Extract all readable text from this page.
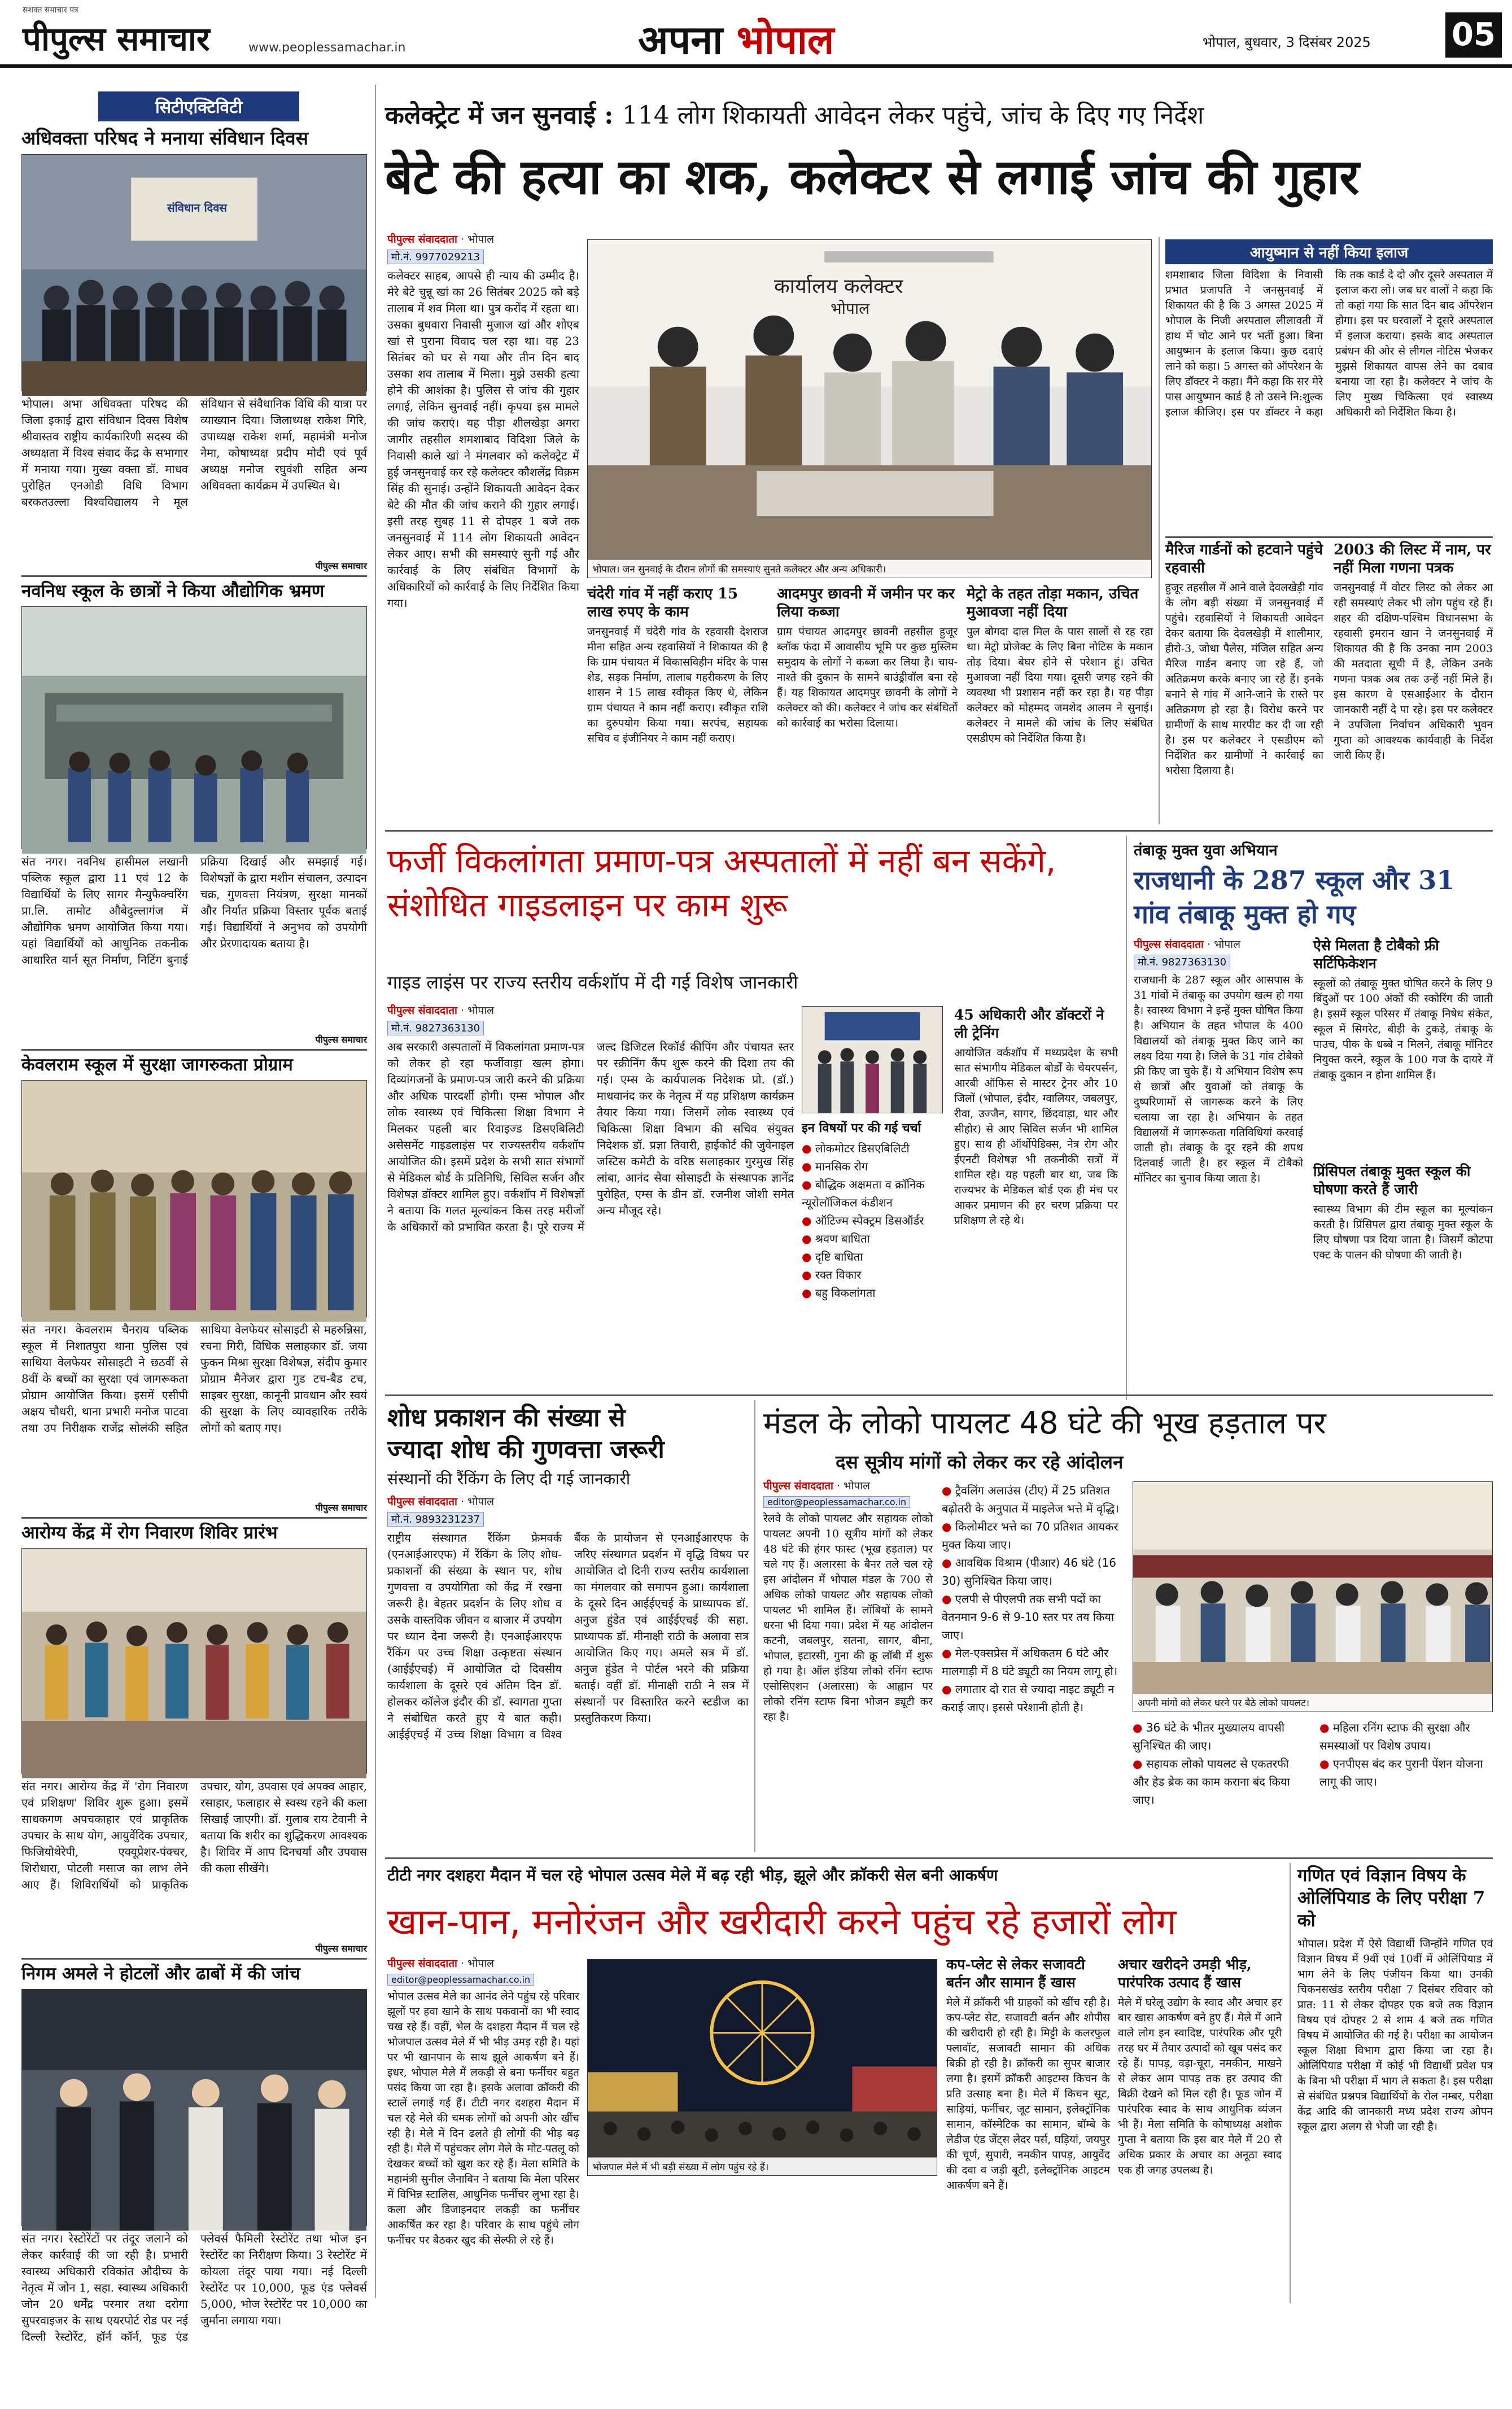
सशक्त समाचार पत्र
पीपुल्स समाचार	www.peoplessamachar.in	अपना भोपाल	भोपाल, बुधवार, 3 दिसंबर 2025	05
सिटीएक्टिविटी
अधिवक्ता परिषद ने मनाया संविधान दिवस
संविधान दिवस
भोपाल। अभा अधिवक्ता परिषद की जिला इकाई द्वारा संविधान दिवस विशेष श्रीवास्तव राष्ट्रीय कार्यकारिणी सदस्य की अध्यक्षता में विश्व संवाद केंद्र के सभागार में मनाया गया। मुख्य वक्ता डॉ. माधव पुरोहित एनओडी विधि विभाग बरकतउल्ला विश्वविद्यालय ने मूल संविधान से संवैधानिक विधि की यात्रा पर व्याख्यान दिया। जिलाध्यक्ष राकेश गिरि, उपाध्यक्ष राकेश शर्मा, महामंत्री मनोज नेमा, कोषाध्यक्ष प्रदीप मोदी एवं पूर्व अध्यक्ष मनोज रघुवंशी सहित अन्य अधिवक्ता कार्यक्रम में उपस्थित थे।
पीपुल्स समाचार
नवनिध स्कूल के छात्रों ने किया औद्योगिक भ्रमण
संत नगर। नवनिध हासीमल लखानी पब्लिक स्कूल द्वारा 11 एवं 12 के विद्यार्थियों के लिए सागर मैन्युफैक्चरिंग प्रा.लि. तामोट औबेदुल्लागंज में औद्योगिक भ्रमण आयोजित किया गया। यहां विद्यार्थियों को आधुनिक तकनीक आधारित यार्न सूत निर्माण, निटिंग बुनाई प्रक्रिया दिखाई और समझाई गई। विशेषज्ञों के द्वारा मशीन संचालन, उत्पादन चक्र, गुणवत्ता नियंत्रण, सुरक्षा मानकों और निर्यात प्रक्रिया विस्तार पूर्वक बताई गई। विद्यार्थियों ने अनुभव को उपयोगी और प्रेरणादायक बताया है।
पीपुल्स समाचार
केवलराम स्कूल में सुरक्षा जागरुकता प्रोग्राम
संत नगर। केवलराम चैनराय पब्लिक स्कूल में निशातपुरा थाना पुलिस एवं साथिया वेलफेयर सोसाइटी ने छठवीं से 8वीं के बच्चों का सुरक्षा एवं जागरूकता प्रोग्राम आयोजित किया। इसमें एसीपी अक्षय चौधरी, थाना प्रभारी मनोज पाटवा तथा उप निरीक्षक राजेंद्र सोलंकी सहित साथिया वेलफेयर सोसाइटी से महरुन्निसा, रचना गिरी, विधिक सलाहकार डॉ. जया फुकन मिश्रा सुरक्षा विशेषज्ञ, संदीप कुमार प्रोग्राम मैनेजर द्वारा गुड टच-बैड टच, साइबर सुरक्षा, कानूनी प्रावधान और स्वयं की सुरक्षा के लिए व्यावहारिक तरीके लोगों को बताए गए।
पीपुल्स समाचार
आरोग्य केंद्र में रोग निवारण शिविर प्रारंभ
संत नगर। आरोग्य केंद्र में 'रोग निवारण एवं प्रशिक्षण' शिविर शुरू हुआ। इसमें साधकगण अपचकाहार एवं प्राकृतिक उपचार के साथ योग, आयुर्वेदिक उपचार, फिजियोथेरेपी, एक्यूप्रेशर-पंक्चर, शिरोधारा, पोटली मसाज का लाभ लेने आए हैं। शिविरार्थियों को प्राकृतिक उपचार, योग, उपवास एवं अपक्व आहार, रसाहार, फलाहार से स्वस्थ रहने की कला सिखाई जाएगी। डॉ. गुलाब राय टेवानी ने बताया कि शरीर का शुद्धिकरण आवश्यक है। शिविर में आप दिनचर्या और उपवास की कला सीखेंगे।
पीपुल्स समाचार
निगम अमले ने होटलों और ढाबों में की जांच
संत नगर। रेस्टोरेंटों पर तंदूर जलाने को लेकर कार्रवाई की जा रही है। प्रभारी स्वास्थ्य अधिकारी रविकांत औदीच्य के नेतृत्व में जोन 1, सहा. स्वास्थ्य अधिकारी जोन 20 धर्मेंद्र परमार तथा दरोगा सुपरवाइजर के साथ एयरपोर्ट रोड पर नई दिल्ली रेस्टोरेंट, हॉर्न कॉर्न, फूड एंड फ्लेवर्स फैमिली रेस्टोरेंट तथा भोज इन रेस्टोरेंट का निरीक्षण किया। 3 रेस्टोरेंट में कोयला तंदूर पाया गया। नई दिल्ली रेस्टोरेंट पर 10,000, फूड एंड फ्लेवर्स 5,000, भोज रेस्टोरेंट पर 10,000 का जुर्माना लगाया गया।
कलेक्ट्रेट में जन सुनवाई : 114 लोग शिकायती आवेदन लेकर पहुंचे, जांच के दिए गए निर्देश
बेटे की हत्या का शक, कलेक्टर से लगाई जांच की गुहार
पीपुल्स संवाददाता · भोपाल
मो.नं. 9977029213
कलेक्टर साहब, आपसे ही न्याय की उम्मीद है। मेरे बेटे चुन्नू खां का 26 सितंबर 2025 को बड़े तालाब में शव मिला था। पुत्र करोंद में रहता था। उसका बुधवारा निवासी मुजाज खां और शोएब खां से पुराना विवाद चल रहा था। वह 23 सितंबर को घर से गया और तीन दिन बाद उसका शव तालाब में मिला। मुझे उसकी हत्या होने की आशंका है। पुलिस से जांच की गुहार लगाई, लेकिन सुनवाई नहीं। कृपया इस मामले की जांच कराएं। यह पीड़ा शीलखेड़ा अगरा जागीर तहसील शमशाबाद विदिशा जिले के निवासी काले खां ने मंगलवार को कलेक्ट्रेट में हुई जनसुनवाई कर रहे कलेक्टर कौशलेंद्र विक्रम सिंह की सुनाई। उन्होंने शिकायती आवेदन देकर बेटे की मौत की जांच कराने की गुहार लगाई। इसी तरह सुबह 11 से दोपहर 1 बजे तक जनसुनवाई में 114 लोग शिकायती आवेदन लेकर आए। सभी की समस्याएं सुनी गई और कार्रवाई के लिए संबंधित विभागों के अधिकारियों को कार्रवाई के लिए निर्देशित किया गया।
कार्यालय कलेक्टर
भोपाल
भोपाल। जन सुनवाई के दौरान लोगों की समस्याएं सुनते कलेक्टर और अन्य अधिकारी।
आयुष्मान से नहीं किया इलाज
शमशाबाद जिला विदिशा के निवासी प्रभात प्रजापति ने जनसुनवाई में शिकायत की है कि 3 अगस्त 2025 में भोपाल के निजी अस्पताल लीलावती में हाथ में चोट आने पर भर्ती हुआ। बिना आयुष्मान के इलाज किया। कुछ दवाएं लाने को कहा। 5 अगस्त को ऑपरेशन के लिए डॉक्टर ने कहा। मैंने कहा कि सर मेरे पास आयुष्मान कार्ड है तो उसने नि:शुल्क इलाज कीजिए। इस पर डॉक्टर ने कहा कि तक कार्ड दे दो और दूसरे अस्पताल में इलाज करा लो। जब घर वालों ने कहा कि तो कहां गया कि सात दिन बाद ऑपरेशन होगा। इस पर घरवालों ने दूसरे अस्पताल में इलाज कराया। इसके बाद अस्पताल प्रबंधन की ओर से लीगल नोटिस भेजकर मुझसे शिकायत वापस लेने का दबाव बनाया जा रहा है। कलेक्टर ने जांच के लिए मुख्य चिकित्सा एवं स्वास्थ्य अधिकारी को निर्देशित किया है।
मैरिज गार्डनों को हटवाने पहुंचे रहवासी
हुजूर तहसील में आने वाले देवलखेड़ी गांव के लोग बड़ी संख्या में जनसुनवाई में पहुंचे। रहवासियों ने शिकायती आवेदन देकर बताया कि देवलखेड़ी में शालीमार, हीरो-3, जोधा पैलेस, मंजिल सहित अन्य मैरिज गार्डन बनाए जा रहे हैं, जो अतिक्रमण करके बनाए जा रहे हैं। इनके बनाने से गांव में आने-जाने के रास्ते पर अतिक्रमण हो रहा है। विरोध करने पर ग्रामीणों के साथ मारपीट कर दी जा रही है। इस पर कलेक्टर ने एसडीएम को निर्देशित कर ग्रामीणों ने कार्रवाई का भरोसा दिलाया है।
2003 की लिस्ट में नाम, पर नहीं मिला गणना पत्रक
जनसुनवाई में वोटर लिस्ट को लेकर आ रही समस्याएं लेकर भी लोग पहुंच रहे हैं। शहर की दक्षिण-पश्चिम विधानसभा के रहवासी इमरान खान ने जनसुनवाई में शिकायत की है कि उनका नाम 2003 की मतदाता सूची में है, लेकिन उनके गणना पत्रक अब तक उन्हें नहीं मिले हैं। इस कारण वे एसआईआर के दौरान जानकारी नहीं दे पा रहे। इस पर कलेक्टर ने उपजिला निर्वाचन अधिकारी भुवन गुप्ता को आवश्यक कार्यवाही के निर्देश जारी किए हैं।
चंदेरी गांव में नहीं कराए 15 लाख रुपए के काम
जनसुनवाई में चंदेरी गांव के रहवासी देशराज मीना सहित अन्य रहवासियों ने शिकायत की है कि ग्राम पंचायत में विकासविहीन मंदिर के पास शेड, सड़क निर्माण, तालाब गहरीकरण के लिए शासन ने 15 लाख स्वीकृत किए थे, लेकिन ग्राम पंचायत ने काम नहीं कराए। स्वीकृत राशि का दुरुपयोग किया गया। सरपंच, सहायक सचिव व इंजीनियर ने काम नहीं कराए।
आदमपुर छावनी में जमीन पर कर लिया कब्जा
ग्राम पंचायत आदमपुर छावनी तहसील हुजूर ब्लॉक फंदा में आवासीय भूमि पर कुछ मुस्लिम समुदाय के लोगों ने कब्जा कर लिया है। चाय-नाश्ते की दुकान के सामने बाउंड्रीवॉल बना रहे हैं। यह शिकायत आदमपुर छावनी के लोगों ने कलेक्टर को की। कलेक्टर ने जांच कर संबंधितों को कार्रवाई का भरोसा दिलाया।
मेट्रो के तहत तोड़ा मकान, उचित मुआवजा नहीं दिया
पुल बोगदा दाल मिल के पास सालों से रह रहा था। मेट्रो प्रोजेक्ट के लिए बिना नोटिस के मकान तोड़ दिया। बेघर होने से परेशान हूं। उचित मुआवजा नहीं दिया गया। दूसरी जगह रहने की व्यवस्था भी प्रशासन नहीं कर रहा है। यह पीड़ा कलेक्टर को मोहम्मद जमशेद आलम ने सुनाई। कलेक्टर ने मामले की जांच के लिए संबंधित एसडीएम को निर्देशित किया है।
फर्जी विकलांगता प्रमाण-पत्र अस्पतालों में नहीं बन सकेंगे, संशोधित गाइडलाइन पर काम शुरू
गाइड लाइंस पर राज्य स्तरीय वर्कशॉप में दी गई विशेष जानकारी
पीपुल्स संवाददाता · भोपाल
मो.नं. 9827363130
अब सरकारी अस्पतालों में विकलांगता प्रमाण-पत्र को लेकर हो रहा फर्जीवाड़ा खत्म होगा। दिव्यांगजनों के प्रमाण-पत्र जारी करने की प्रक्रिया और अधिक पारदर्शी होगी। एम्स भोपाल और लोक स्वास्थ्य एवं चिकित्सा शिक्षा विभाग ने मिलकर पहली बार रिवाइज्ड डिसएबिलिटी असेसमेंट गाइडलाइंस पर राज्यस्तरीय वर्कशॉप आयोजित की। इसमें प्रदेश के सभी सात संभागों से मेडिकल बोर्ड के प्रतिनिधि, सिविल सर्जन और विशेषज्ञ डॉक्टर शामिल हुए। वर्कशॉप में विशेषज्ञों ने बताया कि गलत मूल्यांकन किस तरह मरीजों के अधिकारों को प्रभावित करता है। पूरे राज्य में जल्द डिजिटल रिकॉर्ड कीपिंग और पंचायत स्तर पर स्क्रीनिंग कैंप शुरू करने की दिशा तय की गई। एम्स के कार्यपालक निदेशक प्रो. (डॉ.) माधवानंद कर के नेतृत्व में यह प्रशिक्षण कार्यक्रम तैयार किया गया। जिसमें लोक स्वास्थ्य एवं चिकित्सा शिक्षा विभाग की सचिव संयुक्त निदेशक डॉ. प्रज्ञा तिवारी, हाईकोर्ट की जुवेनाइल जस्टिस कमेटी के वरिष्ठ सलाहकार गुरमुख सिंह लांबा, आनंद सेवा सोसाइटी के संस्थापक ज्ञानेंद्र पुरोहित, एम्स के डीन डॉ. रजनीश जोशी समेत अन्य मौजूद रहे।
इन विषयों पर की गई चर्चा
● लोकमोटर डिसएबिलिटी
● मानसिक रोग
● बौद्धिक अक्षमता व क्रॉनिक न्यूरोलॉजिकल कंडीशन
● ऑटिज्म स्पेक्ट्रम डिसऑर्डर
● श्रवण बाधिता
● दृष्टि बाधिता
● रक्त विकार
● बहु विकलांगता
45 अधिकारी और डॉक्टरों ने ली ट्रेनिंग
आयोजित वर्कशॉप में मध्यप्रदेश के सभी सात संभागीय मेडिकल बोर्डों के चेयरपर्सन, आरबी ऑफिस से मास्टर ट्रेनर और 10 जिलों (भोपाल, इंदौर, ग्वालियर, जबलपुर, रीवा, उज्जैन, सागर, छिंदवाड़ा, धार और सीहोर) से आए सिविल सर्जन भी शामिल हुए। साथ ही ऑर्थोपेडिक्स, नेत्र रोग और ईएनटी विशेषज्ञ भी तकनीकी सत्रों में शामिल रहे। यह पहली बार था, जब कि राज्यभर के मेडिकल बोर्ड एक ही मंच पर आकर प्रमाणन की हर चरण प्रक्रिया पर प्रशिक्षण ले रहे थे।
तंबाकू मुक्त युवा अभियान
राजधानी के 287 स्कूल और 31 गांव तंबाकू मुक्त हो गए
पीपुल्स संवाददाता · भोपाल
मो.नं. 9827363130
राजधानी के 287 स्कूल और आसपास के 31 गांवों में तंबाकू का उपयोग खत्म हो गया है। स्वास्थ्य विभाग ने इन्हें मुक्त घोषित किया है। अभियान के तहत भोपाल के 400 विद्यालयों को तंबाकू मुक्त किए जाने का लक्ष्य दिया गया है। जिले के 31 गांव टोबैको फ्री किए जा चुके हैं। ये अभियान विशेष रूप से छात्रों और युवाओं को तंबाकू के दुष्परिणामों से जागरूक करने के लिए चलाया जा रहा है। अभियान के तहत विद्यालयों में जागरूकता गतिविधियां करवाई जाती हो। तंबाकू के दूर रहने की शपथ दिलवाई जाती है। हर स्कूल में टोबैको मॉनिटर का चुनाव किया जाता है।
ऐसे मिलता है टोबैको फ्री सर्टिफिकेशन
स्कूलों को तंबाकू मुक्त घोषित करने के लिए 9 बिंदुओं पर 100 अंकों की स्कोरिंग की जाती है। इसमें स्कूल परिसर में तंबाकू निषेध संकेत, स्कूल में सिगरेट, बीड़ी के टुकड़े, तंबाकू के पाउच, पीक के धब्बे न मिलने, तंबाकू मॉनिटर नियुक्त करने, स्कूल के 100 गज के दायरे में तंबाकू दुकान न होना शामिल हैं।
प्रिंसिपल तंबाकू मुक्त स्कूल की घोषणा करते हैं जारी
स्वास्थ्य विभाग की टीम स्कूल का मूल्यांकन करती है। प्रिंसिपल द्वारा तंबाकू मुक्त स्कूल के लिए घोषणा पत्र दिया जाता है। जिसमें कोटपा एक्ट के पालन की घोषणा की जाती है।
शोध प्रकाशन की संख्या से
ज्यादा शोध की गुणवत्ता जरूरी
संस्थानों की रैंकिंग के लिए दी गई जानकारी
पीपुल्स संवाददाता · भोपाल
मो.नं. 9893231237
राष्ट्रीय संस्थागत रैंकिंग फ्रेमवर्क (एनआईआरएफ) में रैंकिंग के लिए शोध-प्रकाशनों की संख्या के स्थान पर, शोध गुणवत्ता व उपयोगिता को केंद्र में रखना जरूरी है। बेहतर प्रदर्शन के लिए शोध व उसके वास्तविक जीवन व बाजार में उपयोग पर ध्यान देना जरूरी है। एनआईआरएफ रैंकिंग पर उच्च शिक्षा उत्कृष्टता संस्थान (आईईएचई) में आयोजित दो दिवसीय कार्यशाला के दूसरे एवं अंतिम दिन डॉ. होलकर कॉलेज इंदौर की डॉ. स्वागता गुप्ता ने संबोधित करते हुए ये बात कही। आईईएचई में उच्च शिक्षा विभाग व विश्व बैंक के प्रायोजन से एनआईआरएफ के जरिए संस्थागत प्रदर्शन में वृद्धि विषय पर आयोजित दो दिनी राज्य स्तरीय कार्यशाला का मंगलवार को समापन हुआ। कार्यशाला के दूसरे दिन आईईएचई के प्राध्यापक डॉ. अनुज हुंडेत एवं आईईएचई की सहा. प्राध्यापक डॉ. मीनाक्षी राठी के अलावा सत्र आयोजित किए गए। अमले सत्र में डॉ. अनुज हुंडेत ने पोर्टल भरने की प्रक्रिया बताई। वहीं डॉ. मीनाक्षी राठी ने सत्र में संस्थानों पर विस्तारित करने स्टडीज का प्रस्तुतिकरण किया।
मंडल के लोको पायलट 48 घंटे की भूख हड़ताल पर
दस सूत्रीय मांगों को लेकर कर रहे आंदोलन
पीपुल्स संवाददाता · भोपाल
editor@peoplessamachar.co.in
रेलवे के लोको पायलट और सहायक लोको पायलट अपनी 10 सूत्रीय मांगों को लेकर 48 घंटे की हंगर फास्ट (भूख हड़ताल) पर चले गए हैं। अलारसा के बैनर तले चल रहे इस आंदोलन में भोपाल मंडल के 700 से अधिक लोको पायलट और सहायक लोको पायलट भी शामिल हैं। लॉबियों के सामने धरना भी दिया गया। प्रदेश में यह आंदोलन कटनी, जबलपुर, सतना, सागर, बीना, भोपाल, इटारसी, गुना की क्रू लॉबी में शुरू हो गया है। ऑल इंडिया लोको रनिंग स्टाफ एसोसिएशन (अलारसा) के आह्वान पर लोको रनिंग स्टाफ बिना भोजन ड्यूटी कर रहा है।
● ट्रैवलिंग अलाउंस (टीए) में 25 प्रतिशत बढ़ोतरी के अनुपात में माइलेज भत्ते में वृद्धि।
● किलोमीटर भत्ते का 70 प्रतिशत आयकर मुक्त किया जाए।
● आवधिक विश्राम (पीआर) 46 घंटे (16 30) सुनिश्चित किया जाए।
● एलपी से पीएलपी तक सभी पदों का वेतनमान 9-6 से 9-10 स्तर पर तय किया जाए।
● मेल-एक्सप्रेस में अधिकतम 6 घंटे और मालगाड़ी में 8 घंटे ड्यूटी का नियम लागू हो।
● लगातार दो रात से ज्यादा नाइट ड्यूटी न कराई जाए। इससे परेशानी होती है।	अपनी मांगों को लेकर धरने पर बैठे लोको पायलट।
● 36 घंटे के भीतर मुख्यालय वापसी सुनिश्चित की जाए।
● सहायक लोको पायलट से एकतरफी और हेड ब्रेक का काम कराना बंद किया जाए।
● महिला रनिंग स्टाफ की सुरक्षा और समस्याओं पर विशेष उपाय।
● एनपीएस बंद कर पुरानी पेंशन योजना लागू की जाए।
टीटी नगर दशहरा मैदान में चल रहे भोपाल उत्सव मेले में बढ़ रही भीड़, झूले और क्रॉकरी सेल बनी आकर्षण
खान-पान, मनोरंजन और खरीदारी करने पहुंच रहे हजारों लोग
पीपुल्स संवाददाता · भोपाल
editor@peoplessamachar.co.in
भोपाल उत्सव मेले का आनंद लेने पहुंच रहे परिवार झूलों पर हवा खाने के साथ पकवानों का भी स्वाद चख रहे हैं। वहीं, भेल के दशहरा मैदान में चल रहे भोजपाल उत्सव मेले में भी भीड़ उमड़ रही है। यहां पर भी खानपान के साथ झूले आकर्षण बने हैं। इधर, भोपाल मेले में लकड़ी से बना फर्नीचर बहुत पसंद किया जा रहा है। इसके अलावा क्रॉकरी की स्टालें लगाई गई हैं। टीटी नगर दशहरा मैदान में चल रहे मेले की चमक लोगों को अपनी ओर खींच रही है। मेले में दिन ढलते ही लोगों की भीड़ बढ़ रही है। मेले में पहुंचकर लोग मेले के मोट-पतलू को देखकर बच्चों को खुश कर रहे हैं। मेला समिति के महामंत्री सुनील जैनाविन ने बताया कि मेला परिसर में विभिन्न स्टालिस, आधुनिक फर्नीचर लुभा रहा है। कला और डिजाइनदार लकड़ी का फर्नीचर आकर्षित कर रहा है। परिवार के साथ पहुंचे लोग फर्नीचर पर बैठकर खुद की सेल्फी ले रहे हैं।
भोजपाल मेले में भी बड़ी संख्या में लोग पहुंच रहे हैं।
कप-प्लेट से लेकर सजावटी बर्तन और सामान हैं खास
मेले में क्रॉकरी भी ग्राहकों को खींच रही है। कप-प्लेट सेट, सजावटी बर्तन और शोपीस की खरीदारी हो रही है। मिट्टी के कलरफुल फ्लावॉट, सजावटी सामान की अधिक बिक्री हो रही है। क्रॉकरी का सुपर बाजार लगा है। इसमें क्रॉकरी आइटम्स किचन के प्रति उत्साह बना है। मेले में किचन सूट, साड़ियां, फर्नीचर, जूट सामान, इलेक्ट्रॉनिक सामान, कॉस्मेटिक का सामान, बॉम्बे के लेडीज एंड जेंट्स लेदर पर्स, घड़ियां, जयपुर की चूर्ण, सुपारी, नमकीन पापड़, आयुर्वेद की दवा व जड़ी बूटी, इलेक्ट्रॉनिक आइटम आकर्षण बने हैं।
अचार खरीदने उमड़ी भीड़, पारंपरिक उत्पाद हैं खास
मेले में घरेलू उद्योग के स्वाद और अचार हर बार खास आकर्षण बने हुए हैं। मेले में आने वाले लोग इन स्वादिष्ट, पारंपरिक और पूरी तरह घर में तैयार उत्पादों को खूब पसंद कर रहे हैं। पापड़, वड़ा-चूरा, नमकीन, माखने से लेकर आम पापड़ तक हर उत्पाद की बिक्री देखने को मिल रही है। फूड जोन में पारंपरिक स्वाद के साथ आधुनिक व्यंजन भी हैं। मेला समिति के कोषाध्यक्ष अशोक गुप्ता ने बताया कि इस बार मेले में 20 से अधिक प्रकार के अचार का अनूठा स्वाद एक ही जगह उपलब्ध है।
गणित एवं विज्ञान विषय के ओलिंपियाड के लिए परीक्षा 7 को
भोपाल। प्रदेश में ऐसे विद्यार्थी जिन्होंने गणित एवं विज्ञान विषय में 9वीं एवं 10वीं में ओलिंपियाड में भाग लेने के लिए पंजीयन किया था। उनकी चिकनसखंड स्तरीय परीक्षा 7 दिसंबर रविवार को प्रात: 11 से लेकर दोपहर एक बजे तक विज्ञान विषय एवं दोपहर 2 से शाम 4 बजे तक गणित विषय में आयोजित की गई है। परीक्षा का आयोजन स्कूल शिक्षा विभाग द्वारा किया जा रहा है। ओलिंपियाड परीक्षा में कोई भी विद्यार्थी प्रवेश पत्र के बिना भी परीक्षा में भाग ले सकता है। इस परीक्षा से संबंधित प्रश्नपत्र विद्यार्थियों के रोल नम्बर, परीक्षा केंद्र आदि की जानकारी मध्य प्रदेश राज्य ओपन स्कूल द्वारा अलग से भेजी जा रही है।
